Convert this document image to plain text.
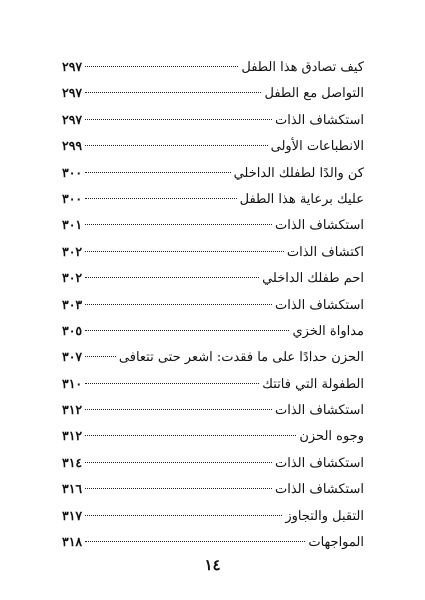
كيف تصادق هذا الطفل
٢٩٧
التواصل مع الطفل
٢٩٧
استكشاف الذات
٢٩٧
الانطباعات الأولى
٢٩٩
كن والدًا لطفلك الداخلي
٣٠٠
عليك برعاية هذا الطفل
٣٠٠
استكشاف الذات
٣٠١
اكتشاف الذات
٣٠٢
احم طفلك الداخلي
٣٠٢
استكشاف الذات
٣٠٣
مداواة الخزي
٣٠٥
الحزن حدادًا على ما فقدت: اشعر حتى تتعافى
٣٠٧
الطفولة التي فاتتك
٣١٠
استكشاف الذات
٣١٢
وجوه الحزن
٣١٢
استكشاف الذات
٣١٤
استكشاف الذات
٣١٦
التقبل والتجاوز
٣١٧
المواجهات
٣١٨
١٤
